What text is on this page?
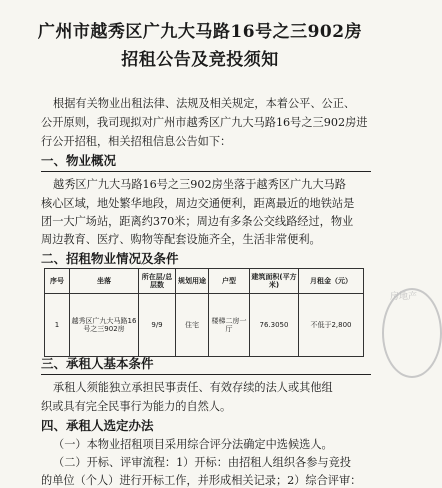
广州市越秀区广九大马路16号之三902房
招租公告及竞投须知

根据有关物业出租法律、法规及相关规定，本着公平、公正、

公开原则，我司现拟对广州市越秀区广九大马路16号之三902房进

行公开招租，相关招租信息公告如下：

一、物业概况

越秀区广九大马路16号之三902房坐落于越秀区广九大马路

核心区域，地处繁华地段，周边交通便利，距离最近的地铁站是

团一大广场站，距离约370米；周边有多条公交线路经过，物业

周边教育、医疗、购物等配套设施齐全，生活非常便利。

二、招租物业情况及条件
序号	坐落	所在层/总层数	规划用途	户型	建筑面积(平方米)	月租金（元）
1	越秀区广九大马路16号之三902房	9/9	住宅	楼梯二房一厅	76.3050	不低于2,800
三、承租人基本条件

承租人须能独立承担民事责任、有效存续的法人或其他组

织或具有完全民事行为能力的自然人。

四、承租人选定办法

（一）本物业招租项目采用综合评分法确定中选候选人。

（二）开标、评审流程：1）开标：由招租人组织各参与竞投

的单位（个人）进行开标工作，并形成相关记录；2）综合评审：

房地产
